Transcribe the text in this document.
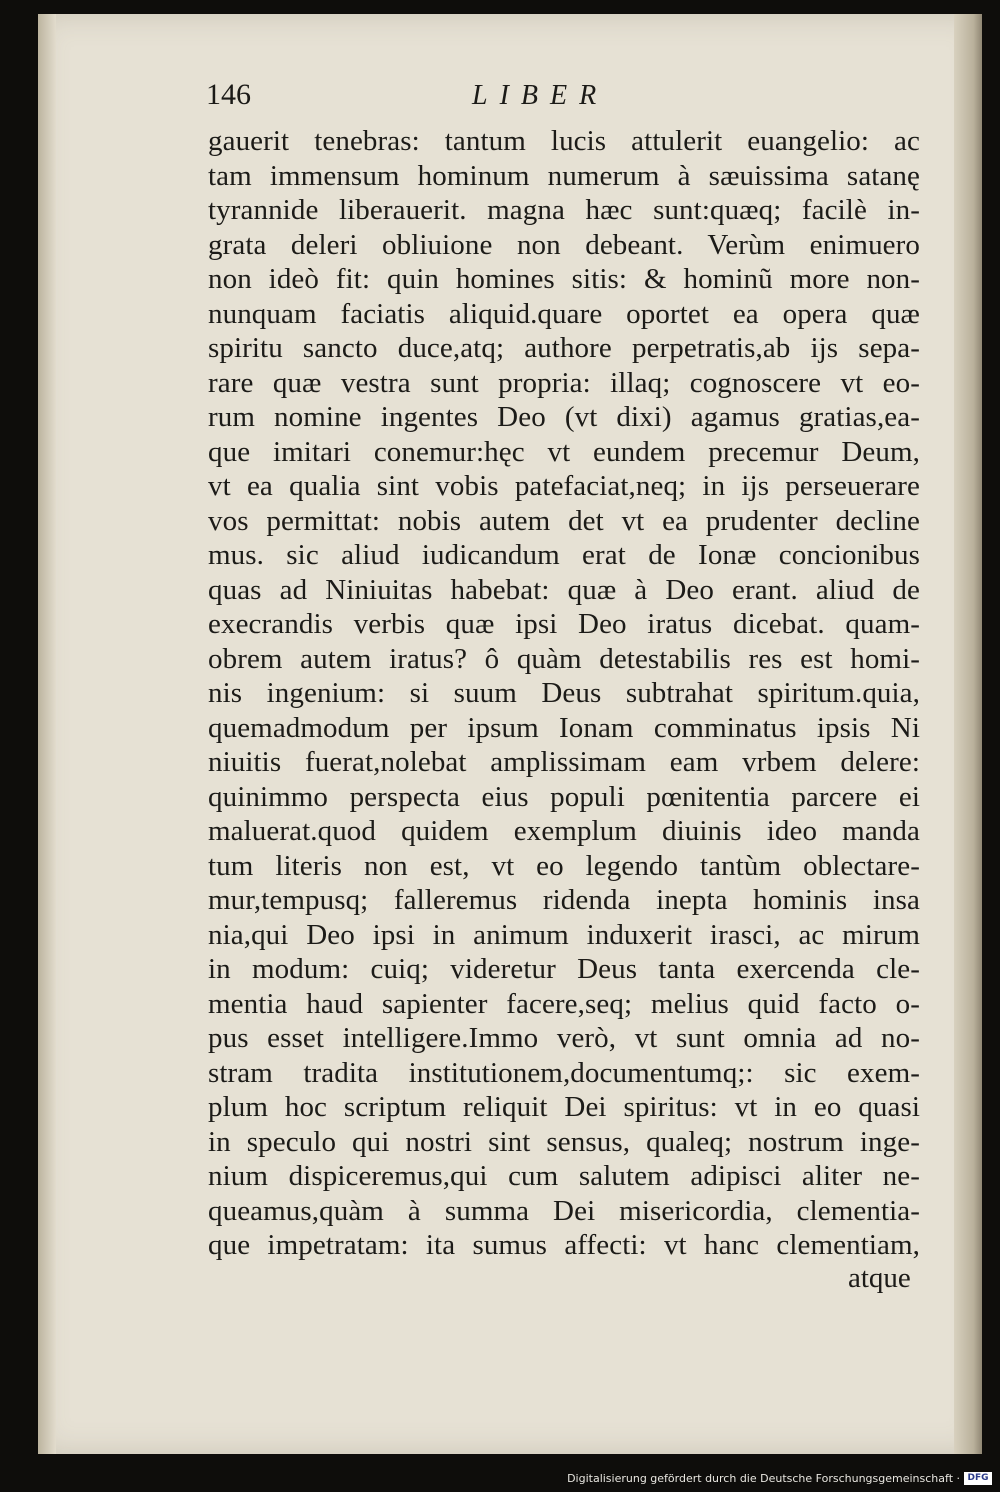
146	LIBER
gauerit tenebras: tantum lucis attulerit euangelio: ac
tam immensum hominum numerum à sæuissima satanę
tyrannide liberauerit. magna hæc sunt:quæq; facilè in-
grata deleri obliuione non debeant. Verùm enimuero
non ideò fit: quin homines sitis: & hominũ more non-
nunquam faciatis aliquid.quare oportet ea opera quæ
spiritu sancto duce,atq; authore perpetratis,ab ijs sepa-
rare quæ vestra sunt propria: illaq; cognoscere vt eo-
rum nomine ingentes Deo (vt dixi) agamus gratias,ea-
que imitari conemur:hęc vt eundem precemur Deum,
vt ea qualia sint vobis patefaciat,neq; in ijs perseuerare
vos permittat: nobis autem det vt ea prudenter decline
mus. sic aliud iudicandum erat de Ionæ concionibus
quas ad Niniuitas habebat: quæ à Deo erant. aliud de
execrandis verbis quæ ipsi Deo iratus dicebat. quam-
obrem autem iratus? ô quàm detestabilis res est homi-
nis ingenium: si suum Deus subtrahat spiritum.quia,
quemadmodum per ipsum Ionam comminatus ipsis Ni
niuitis fuerat,nolebat amplissimam eam vrbem delere:
quinimmo perspecta eius populi pœnitentia parcere ei
maluerat.quod quidem exemplum diuinis ideo manda
tum literis non est, vt eo legendo tantùm oblectare-
mur,tempusq; falleremus ridenda inepta hominis insa
nia,qui Deo ipsi in animum induxerit irasci, ac mirum
in modum: cuiq; videretur Deus tanta exercenda cle-
mentia haud sapienter facere,seq; melius quid facto o-
pus esset intelligere.Immo verò, vt sunt omnia ad no-
stram tradita institutionem,documentumq;: sic exem-
plum hoc scriptum reliquit Dei spiritus: vt in eo quasi
in speculo qui nostri sint sensus, qualeq; nostrum inge-
nium dispiceremus,qui cum salutem adipisci aliter ne-
queamus,quàm à summa Dei misericordia, clementia-
que impetratam: ita sumus affecti: vt hanc clementiam,
atque
Digitalisierung gefördert durch die Deutsche Forschungsgemeinschaft · DFG
